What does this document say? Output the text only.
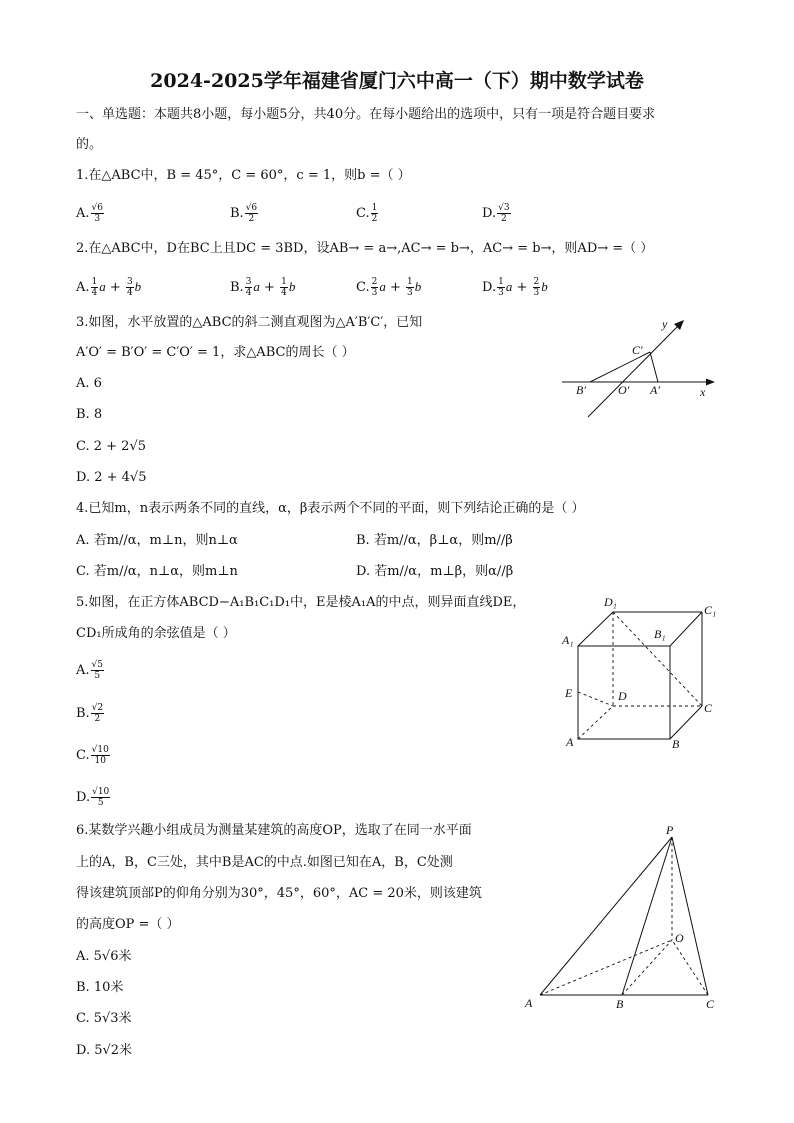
2024-2025学年福建省厦门六中高一（下）期中数学试卷
一、单选题：本题共8小题，每小题5分，共40分。在每小题给出的选项中，只有一项是符合题目要求
的。
1.在△ABC中，B = 45°，C = 60°，c = 1，则b =（ ）
A. $\frac{√6}{3}$	B. $\frac{√6}{2}$	C. $\frac{1}{2}$	D. $\frac{√3}{2}$
2.在△ABC中，D在BC上且DC = 3BD，设AB→ = a→,AC→ = b→，AC→ = b→，则AD→ =（ ）
A. $\frac{1}{4}$ $a + \frac{3}{4}$ b	B. $\frac{3}{4}$ $a + \frac{1}{4}$ b	C. $\frac{2}{3}$ $a + \frac{1}{3}$ b	D. $\frac{1}{3}$ $a + \frac{2}{3}$ b
3.如图，水平放置的△ABC的斜二测直观图为△A′B′C′，已知
A′O′ = B′O′ = C′O′ = 1，求△ABC的周长（ ）
A. 6
B. 8
C. 2 + 2√5
D. 2 + 4√5
y
x
C′
B′	O′ A′
4.已知m，n表示两条不同的直线，α，β表示两个不同的平面，则下列结论正确的是（ ）
A. 若m//α，m⊥n，则n⊥α	B. 若m//α，β⊥α，则m//β
C. 若m//α，n⊥α，则m⊥n	D. 若m//α，m⊥β，则α//β
5.如图，在正方体ABCD−A₁B₁C₁D₁中，E是棱A₁A的中点，则异面直线DE，
CD₁所成角的余弦值是（ ）
A. $\frac{√5}{5}$
B. $\frac{√2}{2}$
C. $\frac{√10}{10}$
D. $\frac{√10}{5}$
D₁
C₁
A₁	B₁
E	D
C
A	B
6.某数学兴趣小组成员为测量某建筑的高度OP，选取了在同一水平面
上的A，B，C三处，其中B是AC的中点.如图已知在A，B，C处测
得该建筑顶部P的仰角分别为30°，45°，60°，AC = 20米，则该建筑
的高度OP =（ ）
A. 5√6米
B. 10米
C. 5√3米
D. 5√2米
P
O
A	B	C
